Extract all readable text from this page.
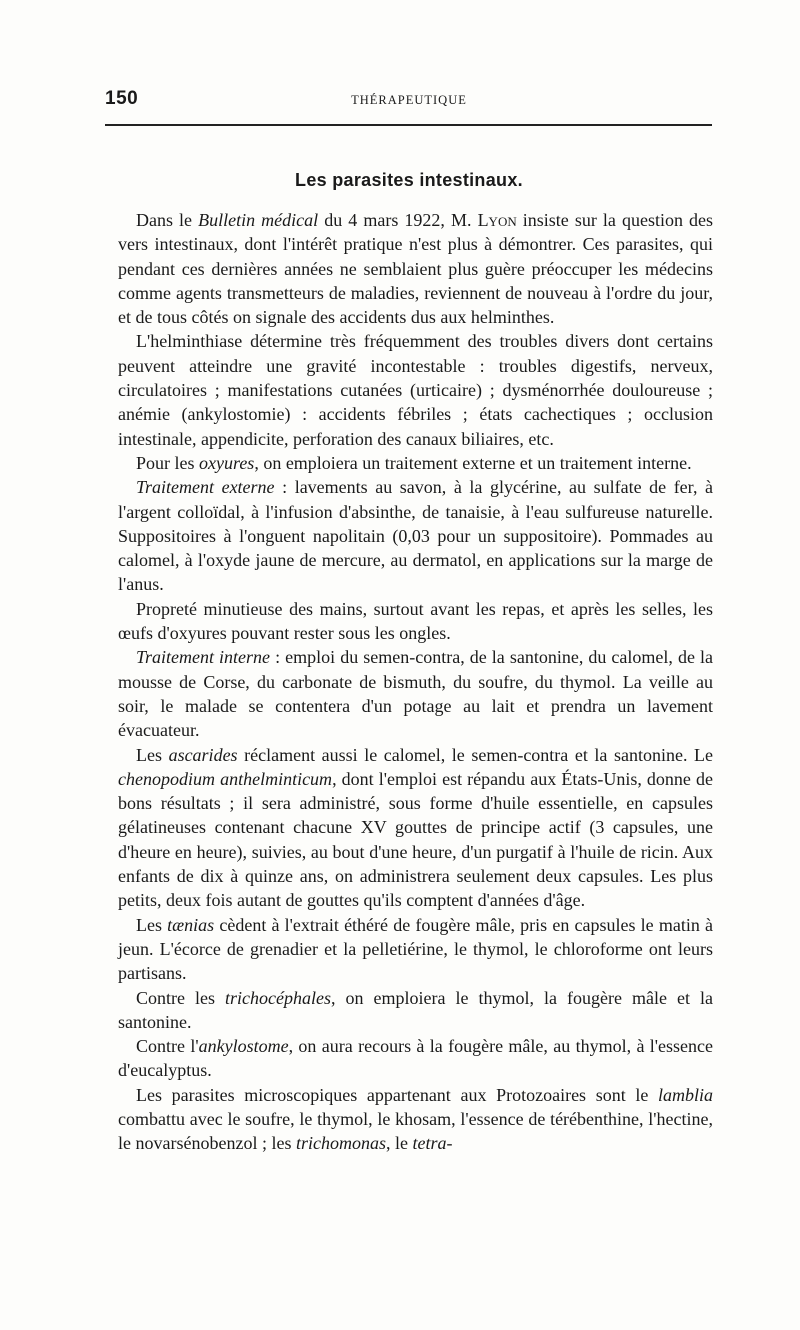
150	THÉRAPEUTIQUE
Les parasites intestinaux.

Dans le Bulletin médical du 4 mars 1922, M. Lyon insiste sur la question des vers intestinaux, dont l'intérêt pratique n'est plus à démontrer. Ces parasites, qui pendant ces dernières années ne semblaient plus guère préoccuper les médecins comme agents transmetteurs de maladies, reviennent de nouveau à l'ordre du jour, et de tous côtés on signale des accidents dus aux helminthes.

L'helminthiase détermine très fréquemment des troubles divers dont certains peuvent atteindre une gravité incontestable : troubles digestifs, nerveux, circulatoires ; manifestations cutanées (urticaire) ; dysménorrhée douloureuse ; anémie (ankylostomie) : accidents fébriles ; états cachectiques ; occlusion intestinale, appendicite, perforation des canaux biliaires, etc.

Pour les oxyures, on emploiera un traitement externe et un traitement interne.

Traitement externe : lavements au savon, à la glycérine, au sulfate de fer, à l'argent colloïdal, à l'infusion d'absinthe, de tanaisie, à l'eau sulfureuse naturelle. Suppositoires à l'onguent napolitain (0,03 pour un suppositoire). Pommades au calomel, à l'oxyde jaune de mercure, au dermatol, en applications sur la marge de l'anus.

Propreté minutieuse des mains, surtout avant les repas, et après les selles, les œufs d'oxyures pouvant rester sous les ongles.

Traitement interne : emploi du semen-contra, de la santonine, du calomel, de la mousse de Corse, du carbonate de bismuth, du soufre, du thymol. La veille au soir, le malade se contentera d'un potage au lait et prendra un lavement évacuateur.

Les ascarides réclament aussi le calomel, le semen-contra et la santonine. Le chenopodium anthelminticum, dont l'emploi est répandu aux États-Unis, donne de bons résultats ; il sera administré, sous forme d'huile essentielle, en capsules gélatineuses contenant chacune XV gouttes de principe actif (3 capsules, une d'heure en heure), suivies, au bout d'une heure, d'un purgatif à l'huile de ricin. Aux enfants de dix à quinze ans, on administrera seulement deux capsules. Les plus petits, deux fois autant de gouttes qu'ils comptent d'années d'âge.

Les tænias cèdent à l'extrait éthéré de fougère mâle, pris en capsules le matin à jeun. L'écorce de grenadier et la pelletiérine, le thymol, le chloroforme ont leurs partisans.

Contre les trichocéphales, on emploiera le thymol, la fougère mâle et la santonine.

Contre l'ankylostome, on aura recours à la fougère mâle, au thymol, à l'essence d'eucalyptus.

Les parasites microscopiques appartenant aux Protozoaires sont le lamblia combattu avec le soufre, le thymol, le khosam, l'essence de térébenthine, l'hectine, le novarsénobenzol ; les trichomonas, le tetra-
